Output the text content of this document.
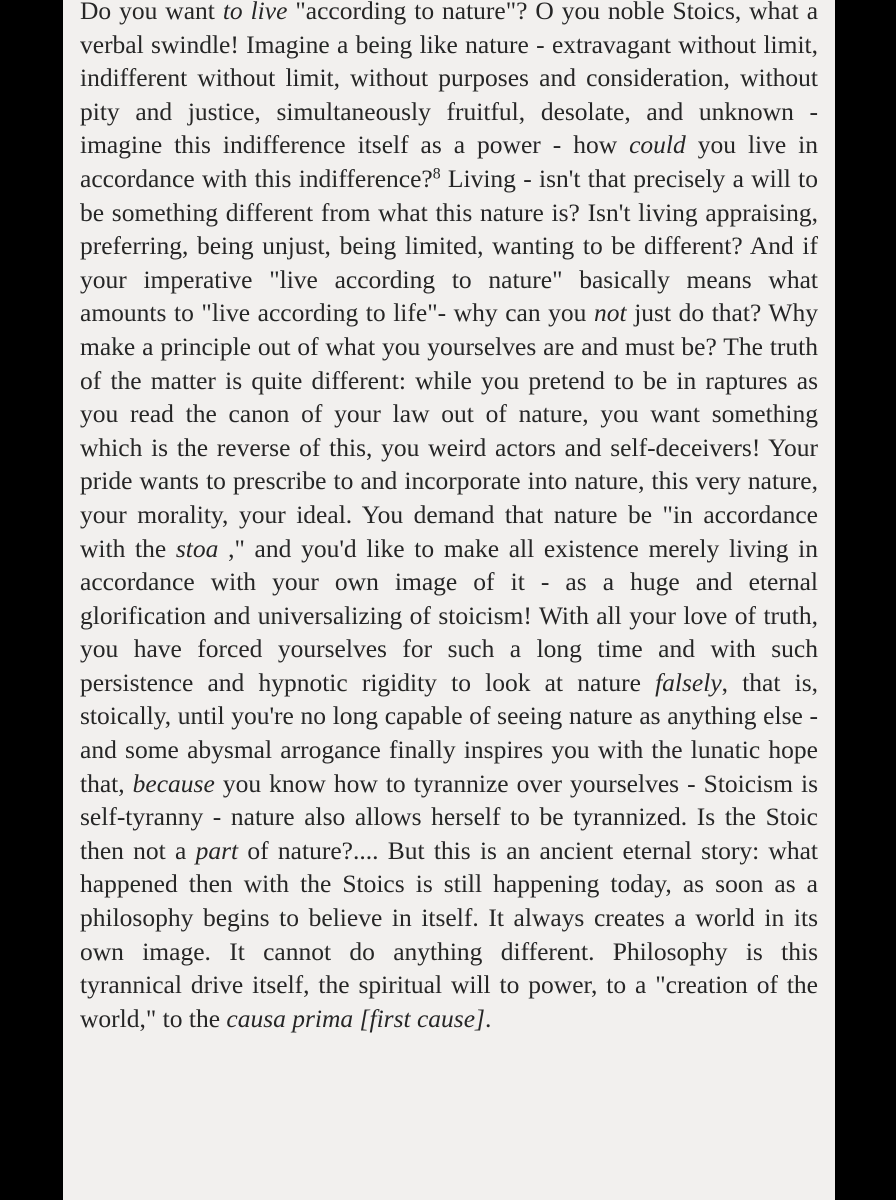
Do you want to live "according to nature"? O you noble Stoics, what a verbal swindle! Imagine a being like nature - extravagant without limit, indifferent without limit, without purposes and consideration, without pity and justice, simultaneously fruitful, desolate, and unknown - imagine this indifference itself as a power - how could you live in accordance with this indifference?$^8$ Living - isn't that precisely a will to be something different from what this nature is? Isn't living appraising, preferring, being unjust, being limited, wanting to be different? And if your imperative "live according to nature" basically means what amounts to "live according to life"- why can you not just do that? Why make a principle out of what you yourselves are and must be? The truth of the matter is quite different: while you pretend to be in raptures as you read the canon of your law out of nature, you want something which is the reverse of this, you weird actors and self-deceivers! Your pride wants to prescribe to and incorporate into nature, this very nature, your morality, your ideal. You demand that nature be "in accordance with the stoa ," and you'd like to make all existence merely living in accordance with your own image of it - as a huge and eternal glorification and universalizing of stoicism! With all your love of truth, you have forced yourselves for such a long time and with such persistence and hypnotic rigidity to look at nature falsely, that is, stoically, until you're no long capable of seeing nature as anything else - and some abysmal arrogance finally inspires you with the lunatic hope that, because you know how to tyrannize over yourselves - Stoicism is self-tyranny - nature also allows herself to be tyrannized. Is the Stoic then not a part of nature?.... But this is an ancient eternal story: what happened then with the Stoics is still happening today, as soon as a philosophy begins to believe in itself. It always creates a world in its own image. It cannot do anything different. Philosophy is this tyrannical drive itself, the spiritual will to power, to a "creation of the world," to the causa prima [first cause].
